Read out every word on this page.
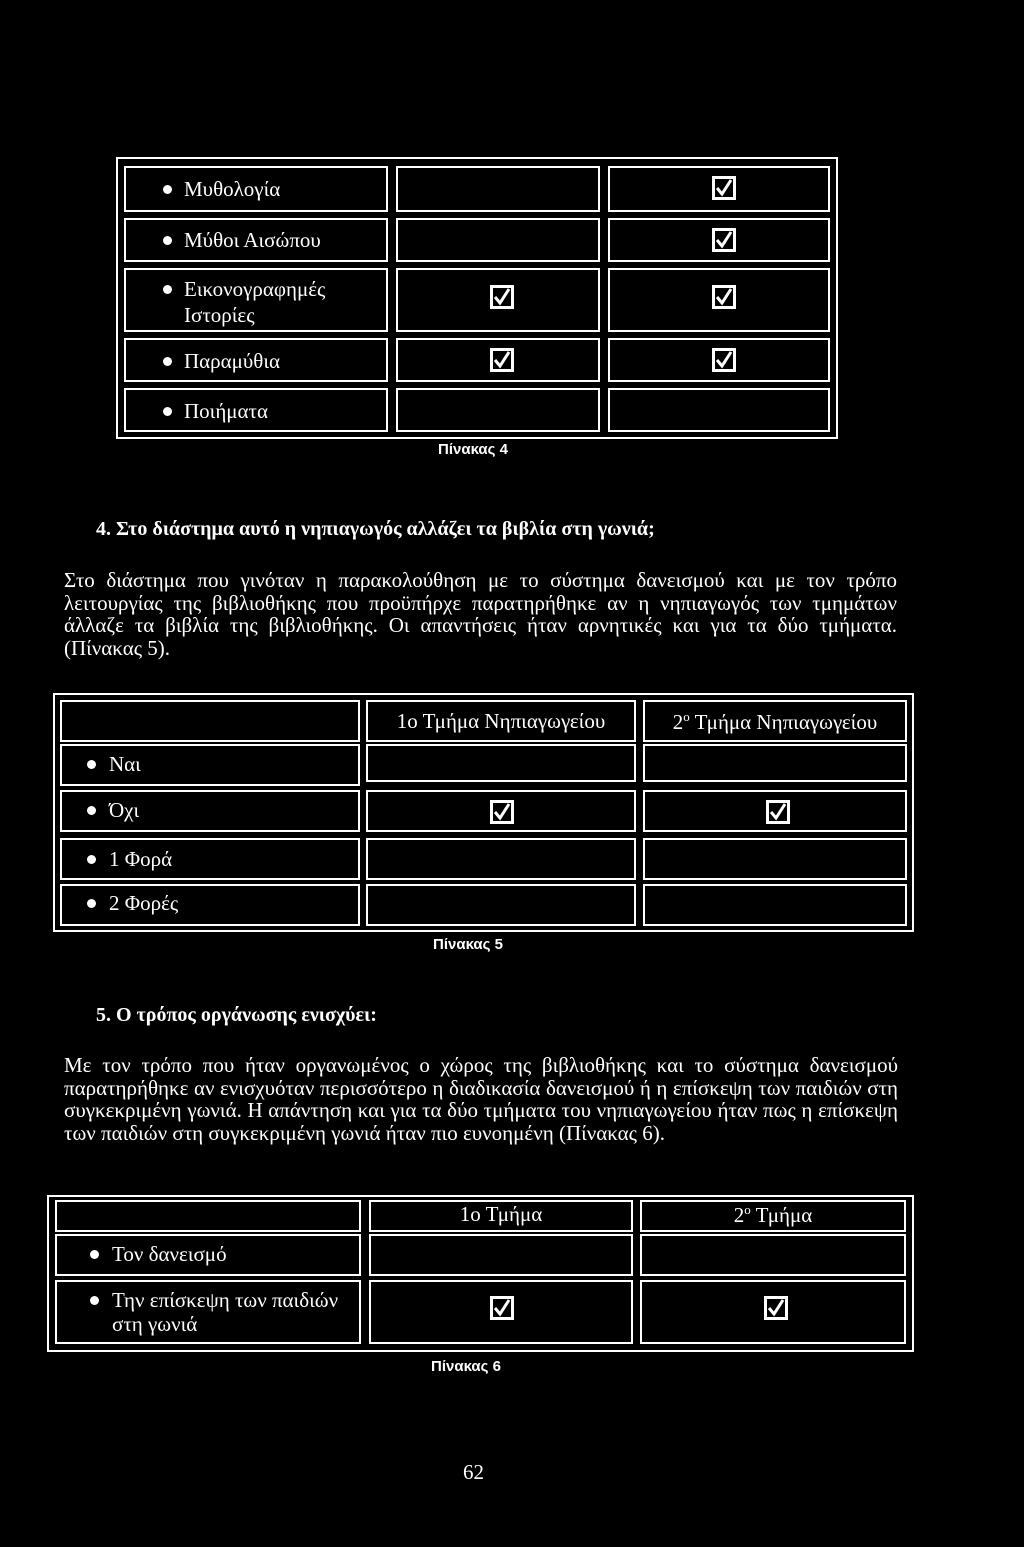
Μυθολογία
Μύθοι Αισώπου
Εικονογραφημές
Ιστορίες
Παραμύθια
Ποιήματα
Πίνακας 4
4. Στο διάστημα αυτό η νηπιαγωγός αλλάζει τα βιβλία στη γωνιά;
Στο διάστημα που γινόταν η παρακολούθηση με το σύστημα δανεισμού και με τον τρόπο λειτουργίας της βιβλιοθήκης που προϋπήρχε παρατηρήθηκε αν η νηπιαγωγός των τμημάτων άλλαζε τα βιβλία της βιβλιοθήκης. Οι απαντήσεις ήταν αρνητικές και για τα δύο τμήματα. (Πίνακας 5).
1ο Τμήμα Νηπιαγωγείου	$2^o$ Τμήμα Νηπιαγωγείου
Ναι
Όχι
1 Φορά
2 Φορές
Πίνακας 5
5. Ο τρόπος οργάνωσης ενισχύει:
Με τον τρόπο που ήταν οργανωμένος ο χώρος της βιβλιοθήκης και το σύστημα δανεισμού παρατηρήθηκε αν ενισχυόταν περισσότερο η διαδικασία δανεισμού ή η επίσκεψη των παιδιών στη συγκεκριμένη γωνιά. Η απάντηση και για τα δύο τμήματα του νηπιαγωγείου ήταν πως η επίσκεψη των παιδιών στη συγκεκριμένη γωνιά ήταν πιο ευνοημένη (Πίνακας 6).
1ο Τμήμα	$2^o$ Τμήμα
Τον δανεισμό
Την επίσκεψη των παιδιών
στη γωνιά
Πίνακας 6
62
